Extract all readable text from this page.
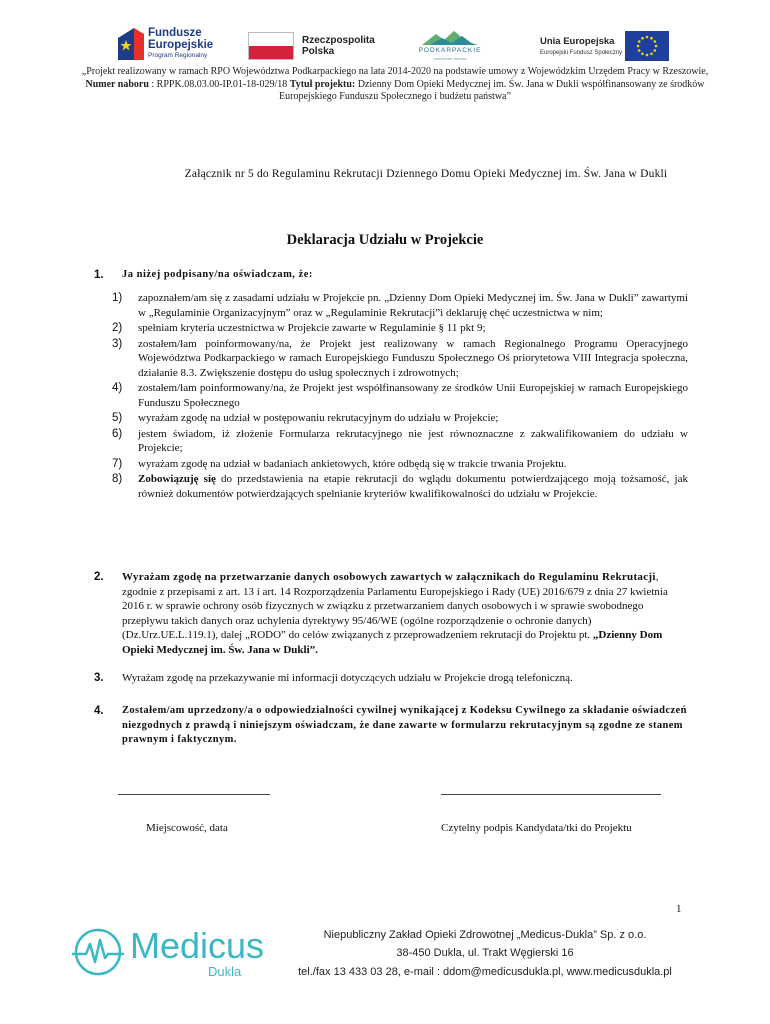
Fundusze
Europejskie
Program Regionalny
Rzeczpospolita
Polska	PODKARPACKIE
przestrzeń otwarta
Unia Europejska
Europejski Fundusz Społeczny
„Projekt realizowany w ramach RPO Województwa Podkarpackiego na lata 2014-2020 na podstawie umowy z Wojewódzkim Urzędem Pracy w Rzeszowie, Numer naboru : RPPK.08.03.00-IP.01-18-029/18 Tytuł projektu: Dzienny Dom Opieki Medycznej im. Św. Jana w Dukli współfinansowany ze środków Europejskiego Funduszu Społecznego i budżetu państwa”
Załącznik nr 5 do Regulaminu Rekrutacji Dziennego Domu Opieki Medycznej im. Św. Jana w Dukli
Deklaracja Udziału w Projekcie
1. Ja niżej podpisany/na oświadczam, że:
1) zapoznałem/am się z zasadami udziału w Projekcie pn. „Dzienny Dom Opieki Medycznej im. Św. Jana w Dukli” zawartymi w „Regulaminie Organizacyjnym” oraz w „Regulaminie Rekrutacji”i deklaruję chęć uczestnictwa w nim;
2) spełniam kryteria uczestnictwa w Projekcie zawarte w Regulaminie § 11 pkt 9;
3) zostałem/łam poinformowany/na, że Projekt jest realizowany w ramach Regionalnego Programu Operacyjnego Województwa Podkarpackiego w ramach Europejskiego Funduszu Społecznego Oś priorytetowa VIII Integracja społeczna, działanie 8.3. Zwiększenie dostępu do usług społecznych i zdrowotnych;
4) zostałem/łam poinformowany/na, że Projekt jest współfinansowany ze środków Unii Europejskiej w ramach Europejskiego Funduszu Społecznego
5) wyrażam zgodę na udział w postępowaniu rekrutacyjnym do udziału w Projekcie;
6) jestem świadom, iż złożenie Formularza rekrutacyjnego nie jest równoznaczne z zakwalifikowaniem do udziału w Projekcie;
7) wyrażam zgodę na udział w badaniach ankietowych, które odbędą się w trakcie trwania Projektu.
8) Zobowiązuję się do przedstawienia na etapie rekrutacji do wglądu dokumentu potwierdzającego moją tożsamość, jak również dokumentów potwierdzających spełnianie kryteriów kwalifikowalności do udziału w Projekcie.
2. Wyrażam zgodę na przetwarzanie danych osobowych zawartych w załącznikach do Regulaminu Rekrutacji, zgodnie z przepisami z art. 13 i art. 14 Rozporządzenia Parlamentu Europejskiego i Rady (UE) 2016/679 z dnia 27 kwietnia 2016 r. w sprawie ochrony osób fizycznych w związku z przetwarzaniem danych osobowych i w sprawie swobodnego przepływu takich danych oraz uchylenia dyrektywy 95/46/WE (ogólne rozporządzenie o ochronie danych) (Dz.Urz.UE.L.119.1), dalej „RODO” do celów związanych z przeprowadzeniem rekrutacji do Projektu pt. „Dzienny Dom Opieki Medycznej im. Św. Jana w Dukli”.
3. Wyrażam zgodę na przekazywanie mi informacji dotyczących udziału w Projekcie drogą telefoniczną.
4. Zostałem/am uprzedzony/a o odpowiedzialności cywilnej wynikającej z Kodeksu Cywilnego za składanie oświadczeń niezgodnych z prawdą i niniejszym oświadczam, że dane zawarte w formularzu rekrutacyjnym są zgodne ze stanem prawnym i faktycznym.
Miejscowość, data	Czytelny podpis Kandydata/tki do Projektu
1
Medicus
Dukla
Niepubliczny Zakład Opieki Zdrowotnej „Medicus-Dukla” Sp. z o.o.
38-450 Dukla, ul. Trakt Węgierski 16
tel./fax 13 433 03 28, e-mail : ddom@medicusdukla.pl, www.medicusdukla.pl
